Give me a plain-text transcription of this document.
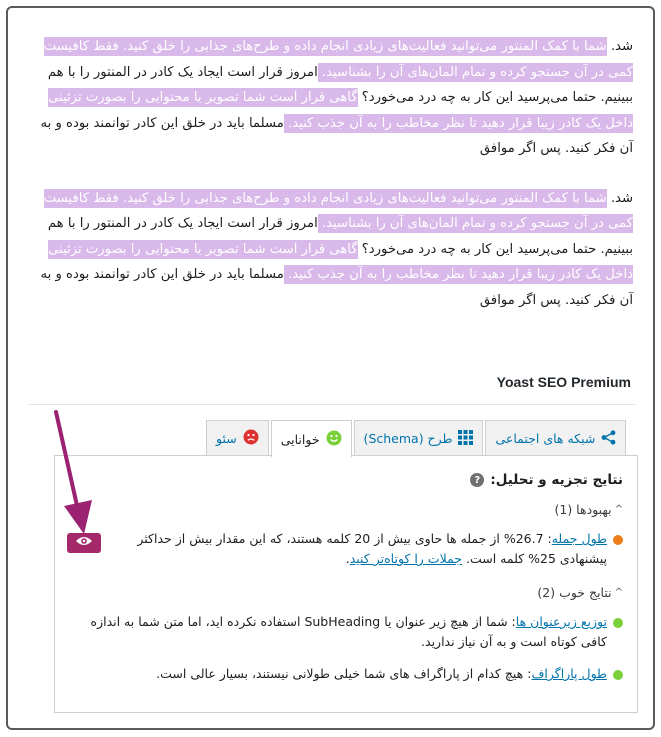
شد. شما با کمک المنتور می‌توانید فعالیت‌های زیادی انجام داده و طرح‌های جذابی را خلق کنید. فقط کافیست کمی در آن جستجو کرده و تمام المان‌های آن را بشناسید. امروز قرار است ایجاد یک کادر در المنتور را با هم ببینیم. حتما می‌پرسید این کار به چه درد می‌خورد؟ گاهی قرار است شما تصویر یا محتوایی را بصورت تزئینی داخل یک کادر زیبا قرار دهید تا نظر مخاطب را به آن جذب کنید. مسلما باید در خلق این کادر توانمند بوده و به آن فکر کنید. پس اگر موافق

شد. شما با کمک المنتور می‌توانید فعالیت‌های زیادی انجام داده و طرح‌های جذابی را خلق کنید. فقط کافیست کمی در آن جستجو کرده و تمام المان‌های آن را بشناسید. امروز قرار است ایجاد یک کادر در المنتور را با هم ببینیم. حتما می‌پرسید این کار به چه درد می‌خورد؟ گاهی قرار است شما تصویر یا محتوایی را بصورت تزئینی داخل یک کادر زیبا قرار دهید تا نظر مخاطب را به آن جذب کنید. مسلما باید در خلق این کادر توانمند بوده و به آن فکر کنید. پس اگر موافق

Yoast SEO Premium
سئو	خوانایی	طرح (Schema)	شبکه های اجتماعی
نتایج تجزیه و تحلیل:
?
^
بهبودها (1)
طول جمله: 26.7% از جمله ها حاوی بیش از 20 کلمه هستند، که این مقدار بیش از حداکثر پیشنهادی 25% کلمه است. جملات را کوتاه‌تر کنید.
^
نتایج خوب (2)
توزیع زیرعنوان ها: شما از هیچ زیر عنوان یا SubHeading استفاده نکرده اید، اما متن شما به اندازه کافی کوتاه است و به آن نیاز ندارید.
طول پاراگراف: هیچ کدام از پاراگراف های شما خیلی طولانی نیستند، بسیار عالی است.
